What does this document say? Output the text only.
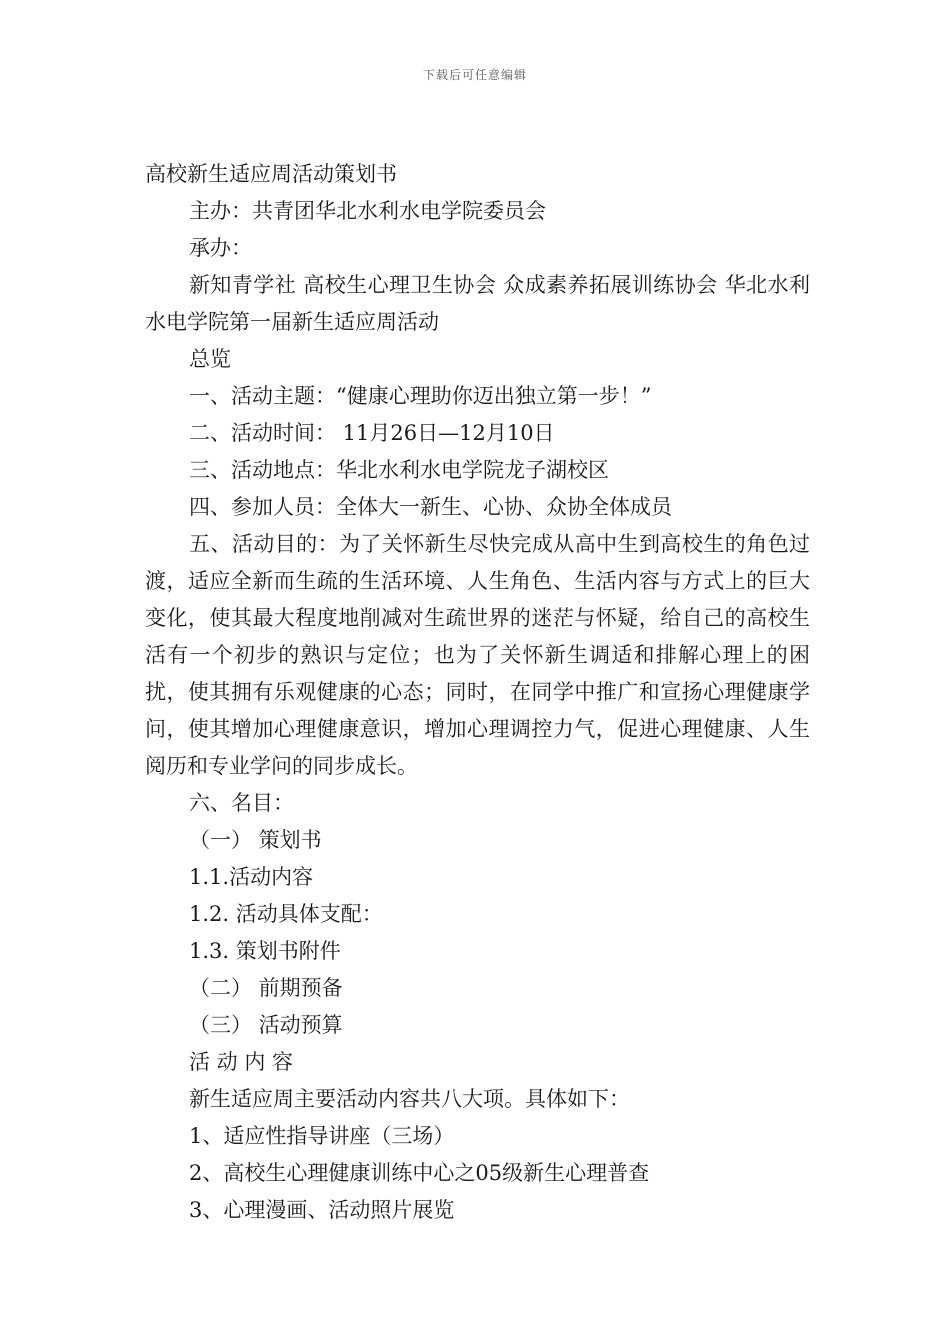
下载后可任意编辑
高校新生适应周活动策划书
主办：共青团华北水利水电学院委员会
承办：
新知青学社 高校生心理卫生协会 众成素养拓展训练协会 华北水利水电学院第一届新生适应周活动
总览
一、活动主题：“健康心理助你迈出独立第一步！”
二、活动时间： 11月26日—12月10日
三、活动地点：华北水利水电学院龙子湖校区
四、参加人员：全体大一新生、心协、众协全体成员
五、活动目的：为了关怀新生尽快完成从高中生到高校生的角色过渡，适应全新而生疏的生活环境、人生角色、生活内容与方式上的巨大变化，使其最大程度地削减对生疏世界的迷茫与怀疑，给自己的高校生活有一个初步的熟识与定位；也为了关怀新生调适和排解心理上的困扰，使其拥有乐观健康的心态；同时，在同学中推广和宣扬心理健康学问，使其增加心理健康意识，增加心理调控力气，促进心理健康、人生阅历和专业学问的同步成长。
六、名目：
（一） 策划书
1.1.活动内容
1.2. 活动具体支配：
1.3. 策划书附件
（二） 前期预备
（三） 活动预算
活 动 内 容
新生适应周主要活动内容共八大项。具体如下：
1、适应性指导讲座（三场）
2、高校生心理健康训练中心之05级新生心理普查
3、心理漫画、活动照片展览
